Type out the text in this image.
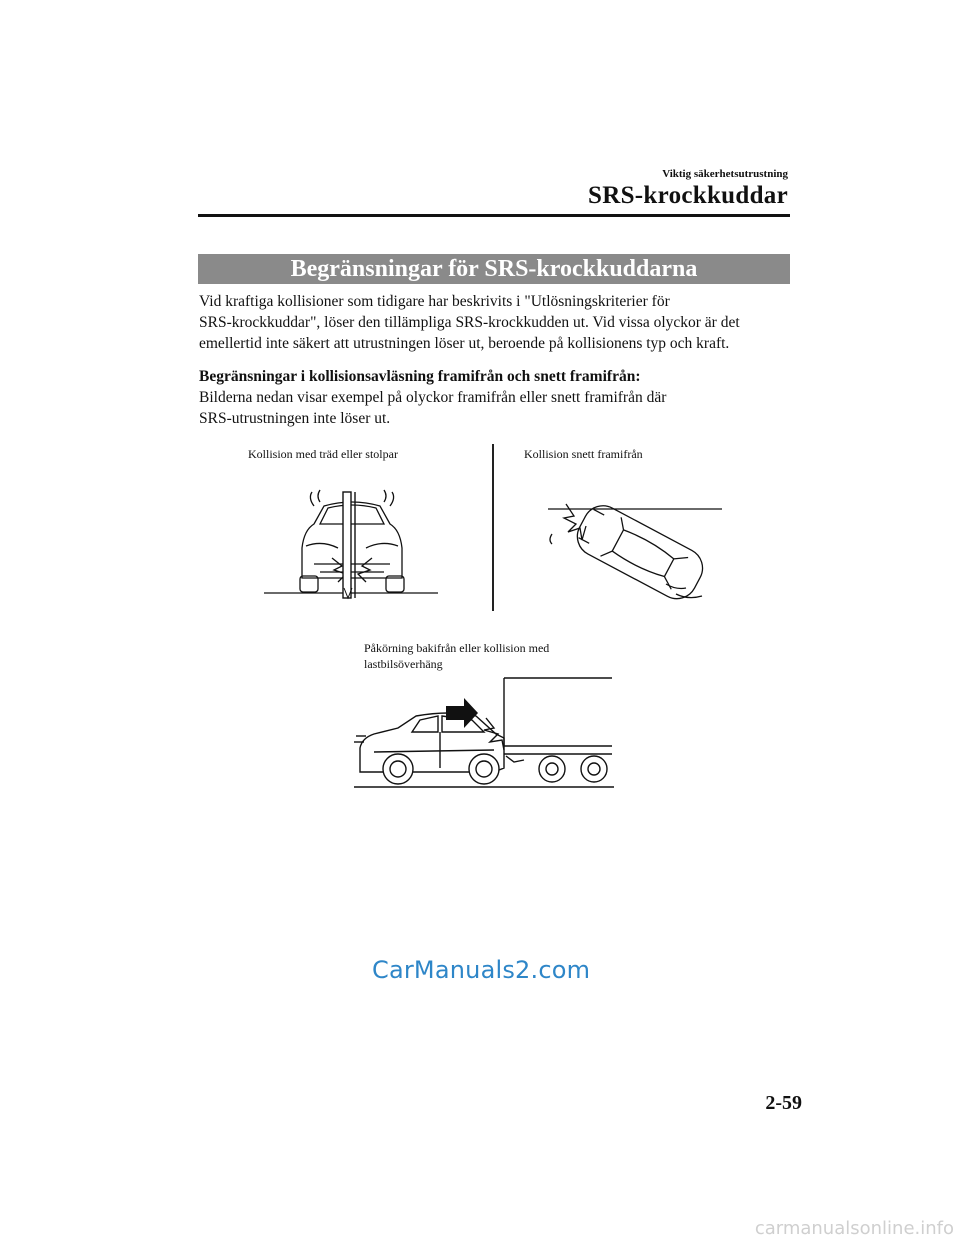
Viktig säkerhetsutrustning
SRS-krockkuddar
Begränsningar för SRS-krockkuddarna
Vid kraftiga kollisioner som tidigare har beskrivits i "Utlösningskriterier för
SRS-krockkuddar", löser den tillämpliga SRS-krockkudden ut. Vid vissa olyckor är det
emellertid inte säkert att utrustningen löser ut, beroende på kollisionens typ och kraft.
Begränsningar i kollisionsavläsning framifrån och snett framifrån:
Bilderna nedan visar exempel på olyckor framifrån eller snett framifrån där
SRS-utrustningen inte löser ut.
Kollision med träd eller stolpar	Kollision snett framifrån
Påkörning bakifrån eller kollision med
lastbilsöverhäng
CarManuals2.com
2-59
carmanualsonline.info
